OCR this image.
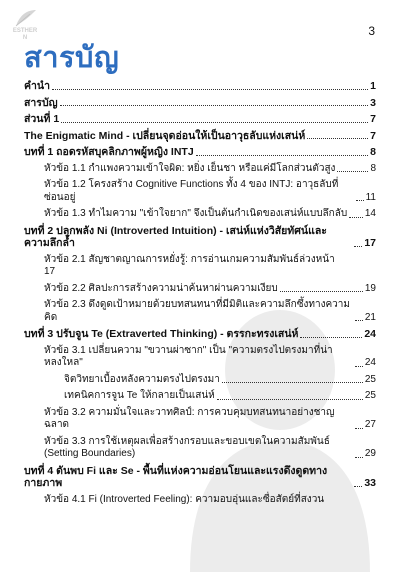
ESTHER N	3
สารบัญ
คำนำ	1
สารบัญ	3
ส่วนที่ 1	7
The Enigmatic Mind - เปลี่ยนจุดอ่อนให้เป็นอาวุธลับแห่งเสน่ห์	7
บทที่ 1 ถอดรหัสบุคลิกภาพผู้หญิง INTJ	8
หัวข้อ 1.1 กำแพงความเข้าใจผิด: หยิ่ง เย็นชา หรือแค่มีโลกส่วนตัวสูง	8
หัวข้อ 1.2 โครงสร้าง Cognitive Functions ทั้ง 4 ของ INTJ: อาวุธลับที่ซ่อนอยู่	11
หัวข้อ 1.3 ทำไมความ "เข้าใจยาก" จึงเป็นต้นกำเนิดของเสน่ห์แบบลึกลับ 14
บทที่ 2 ปลุกพลัง Ni (Introverted Intuition) - เสน่ห์แห่งวิสัยทัศน์และความลึกล้ำ	17
หัวข้อ 2.1 สัญชาตญาณการหยั่งรู้: การอ่านเกมความสัมพันธ์ล่วงหน้า
17
หัวข้อ 2.2 ศิลปะการสร้างความน่าค้นหาผ่านความเงียบ	19
หัวข้อ 2.3 ดึงดูดเป้าหมายด้วยบทสนทนาที่มีมิติและความลึกซึ้งทางความคิด	21
บทที่ 3 ปรับจูน Te (Extraverted Thinking) - ตรรกะทรงเสน่ห์	24
หัวข้อ 3.1 เปลี่ยนความ "ขวานผ่าซาก" เป็น "ความตรงไปตรงมาที่น่าหลงใหล"	24
จิตวิทยาเบื้องหลังความตรงไปตรงมา	25
เทคนิคการจูน Te ให้กลายเป็นเสน่ห์	25
หัวข้อ 3.2 ความมั่นใจและวาทศิลป์: การควบคุมบทสนทนาอย่างชาญฉลาด	27
หัวข้อ 3.3 การใช้เหตุผลเพื่อสร้างกรอบและขอบเขตในความสัมพันธ์ (Setting Boundaries)	29
บทที่ 4 ดันพบ Fi และ Se - พื้นที่แห่งความอ่อนโยนและแรงดึงดูดทางกายภาพ	33
หัวข้อ 4.1 Fi (Introverted Feeling): ความอบอุ่นและซื่อสัตย์ที่สงวน
